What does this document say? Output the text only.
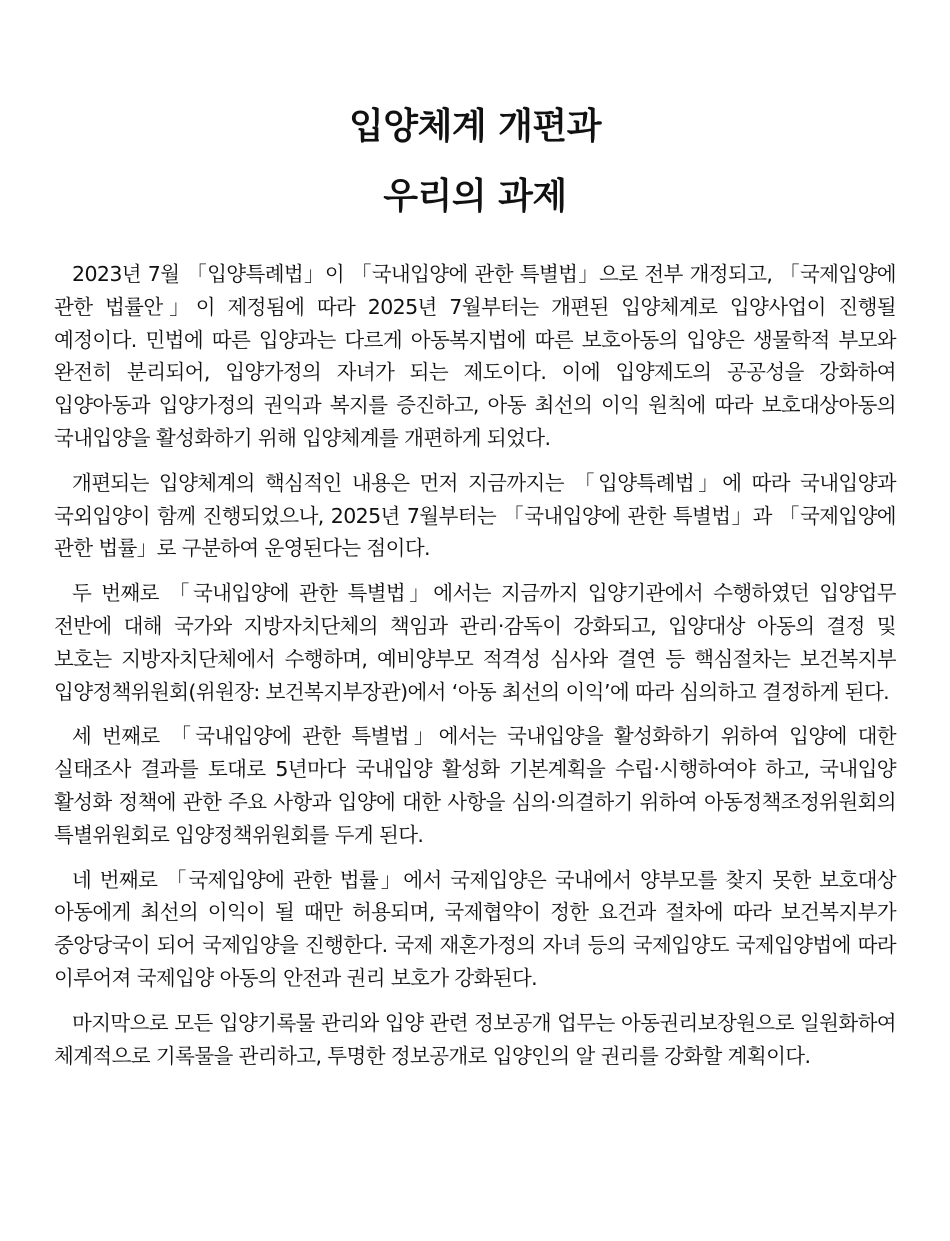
입양체계 개편과
우리의 과제

2023년 7월 「입양특례법」이 「국내입양에 관한 특별법」으로 전부 개정되고, 「국제입양에 관한 법률안」이 제정됨에 따라 2025년 7월부터는 개편된 입양체계로 입양사업이 진행될 예정이다. 민법에 따른 입양과는 다르게 아동복지법에 따른 보호아동의 입양은 생물학적 부모와 완전히 분리되어, 입양가정의 자녀가 되는 제도이다. 이에 입양제도의 공공성을 강화하여 입양아동과 입양가정의 권익과 복지를 증진하고, 아동 최선의 이익 원칙에 따라 보호대상아동의 국내입양을 활성화하기 위해 입양체계를 개편하게 되었다.

개편되는 입양체계의 핵심적인 내용은 먼저 지금까지는 「입양특례법」에 따라 국내입양과 국외입양이 함께 진행되었으나, 2025년 7월부터는 「국내입양에 관한 특별법」과 「국제입양에 관한 법률」로 구분하여 운영된다는 점이다.

두 번째로 「국내입양에 관한 특별법」에서는 지금까지 입양기관에서 수행하였던 입양업무 전반에 대해 국가와 지방자치단체의 책임과 관리·감독이 강화되고, 입양대상 아동의 결정 및 보호는 지방자치단체에서 수행하며, 예비양부모 적격성 심사와 결연 등 핵심절차는 보건복지부 입양정책위원회(위원장: 보건복지부장관)에서 ‘아동 최선의 이익’에 따라 심의하고 결정하게 된다.

세 번째로 「국내입양에 관한 특별법」에서는 국내입양을 활성화하기 위하여 입양에 대한 실태조사 결과를 토대로 5년마다 국내입양 활성화 기본계획을 수립·시행하여야 하고, 국내입양 활성화 정책에 관한 주요 사항과 입양에 대한 사항을 심의·의결하기 위하여 아동정책조정위원회의 특별위원회로 입양정책위원회를 두게 된다.

네 번째로 「국제입양에 관한 법률」에서 국제입양은 국내에서 양부모를 찾지 못한 보호대상 아동에게 최선의 이익이 될 때만 허용되며, 국제협약이 정한 요건과 절차에 따라 보건복지부가 중앙당국이 되어 국제입양을 진행한다. 국제 재혼가정의 자녀 등의 국제입양도 국제입양법에 따라 이루어져 국제입양 아동의 안전과 권리 보호가 강화된다.

마지막으로 모든 입양기록물 관리와 입양 관련 정보공개 업무는 아동권리보장원으로 일원화하여 체계적으로 기록물을 관리하고, 투명한 정보공개로 입양인의 알 권리를 강화할 계획이다.
